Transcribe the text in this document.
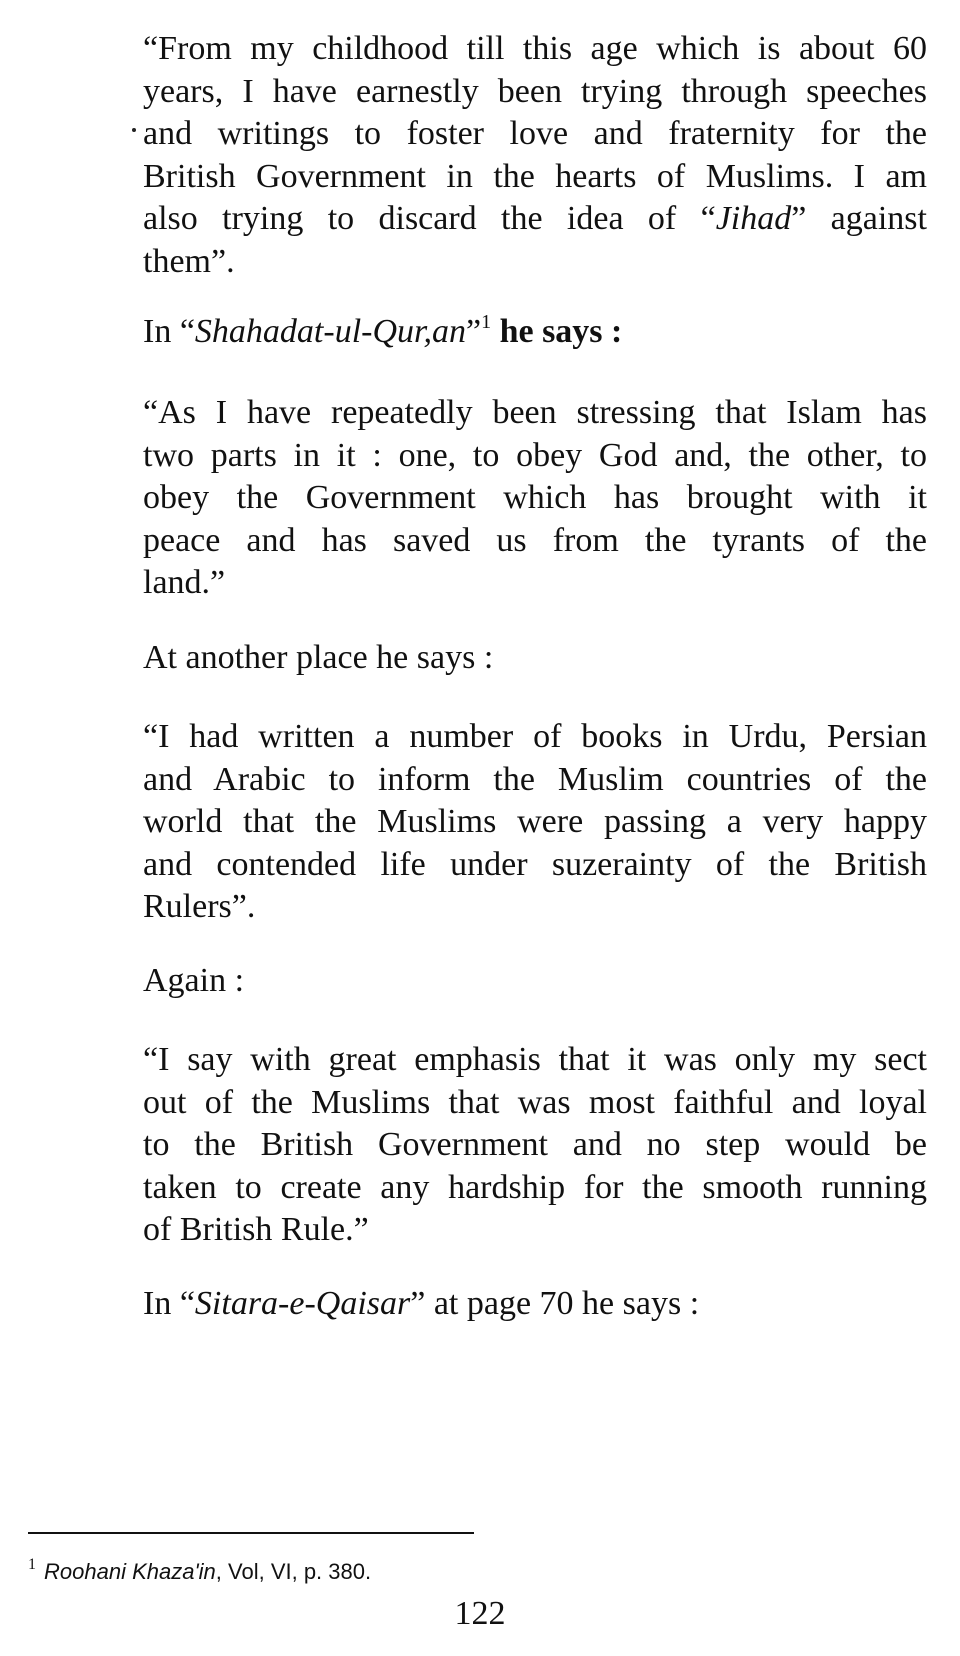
“From my childhood till this age which is about 60
years, I have earnestly been trying through speeches
and writings to foster love and fraternity for the
British Government in the hearts of Muslims. I am
also trying to discard the idea of “Jihad” against
them”.

In “Shahadat-ul-Qur,an”$^1$ he says :

“As I have repeatedly been stressing that Islam has
two parts in it : one, to obey God and, the other, to
obey the Government which has brought with it
peace and has saved us from the tyrants of the
land.”

At another place he says :

“I had written a number of books in Urdu, Persian
and Arabic to inform the Muslim countries of the
world that the Muslims were passing a very happy
and contended life under suzerainty of the British
Rulers”.

Again :

“I say with great emphasis that it was only my sect
out of the Muslims that was most faithful and loyal
to the British Government and no step would be
taken to create any hardship for the smooth running
of British Rule.”

In “Sitara-e-Qaisar” at page 70 he says :

$^1$ Roohani Khaza'in, Vol, VI, p. 380.
122
